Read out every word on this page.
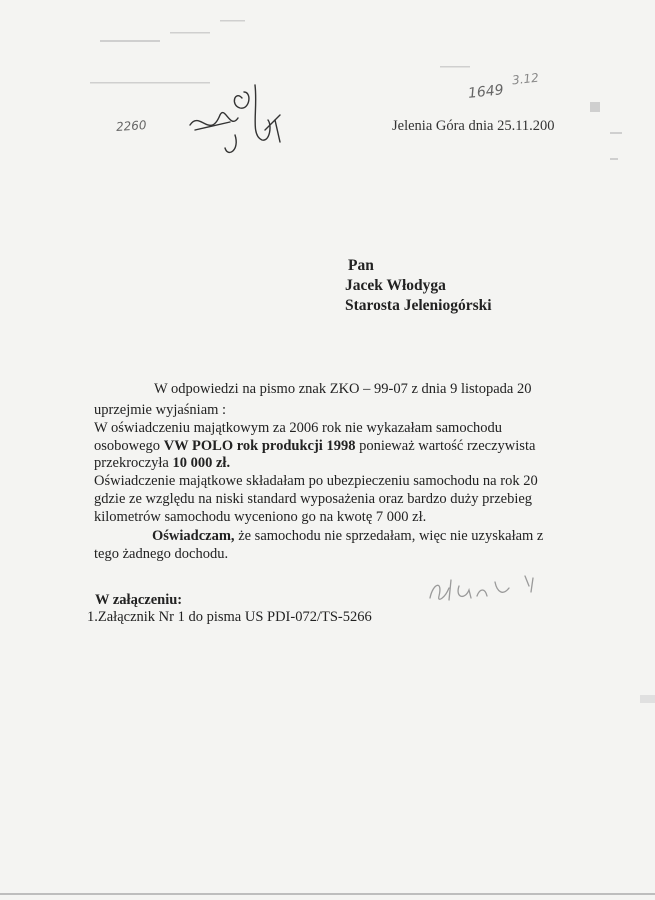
2260
3.12
1649
Jelenia Góra dnia 25.11.200
Pan
Jacek Włodyga
Starosta Jeleniogórski
W odpowiedzi na pismo znak ZKO – 99-07 z dnia 9 listopada 20
uprzejmie wyjaśniam :
W oświadczeniu majątkowym za 2006 rok nie wykazałam samochodu
osobowego VW POLO rok produkcji 1998 ponieważ wartość rzeczywista
przekroczyła 10 000 zł.
Oświadczenie majątkowe składałam po ubezpieczeniu samochodu na rok 20
gdzie ze względu na niski standard wyposażenia oraz bardzo duży przebieg
kilometrów samochodu wyceniono go na kwotę 7 000 zł.
Oświadczam, że samochodu nie sprzedałam, więc nie uzyskałam z
tego żadnego dochodu.
W załączeniu:
1.Załącznik Nr 1 do pisma US PDI-072/TS-5266
